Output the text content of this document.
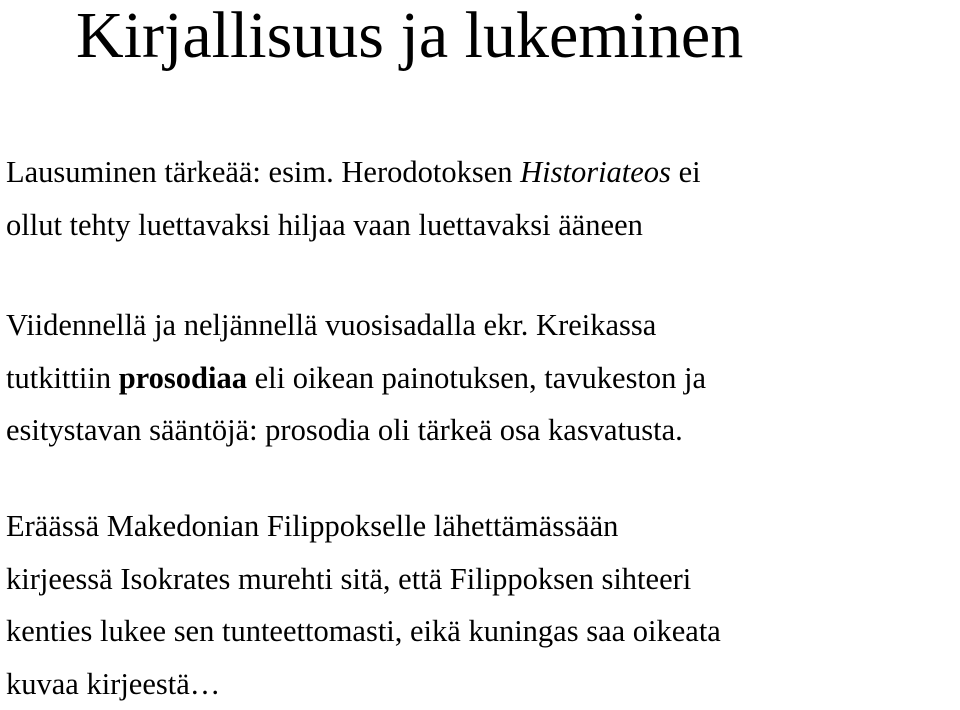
Kirjallisuus ja lukeminen
Lausuminen tärkeää: esim. Herodotoksen Historiateos ei
ollut tehty luettavaksi hiljaa vaan luettavaksi ääneen
Viidennellä ja neljännellä vuosisadalla ekr. Kreikassa
tutkittiin prosodiaa eli oikean painotuksen, tavukeston ja
esitystavan sääntöjä: prosodia oli tärkeä osa kasvatusta.
Eräässä Makedonian Filippokselle lähettämässään
kirjeessä Isokrates murehti sitä, että Filippoksen sihteeri
kenties lukee sen tunteettomasti, eikä kuningas saa oikeata
kuvaa kirjeestä…
